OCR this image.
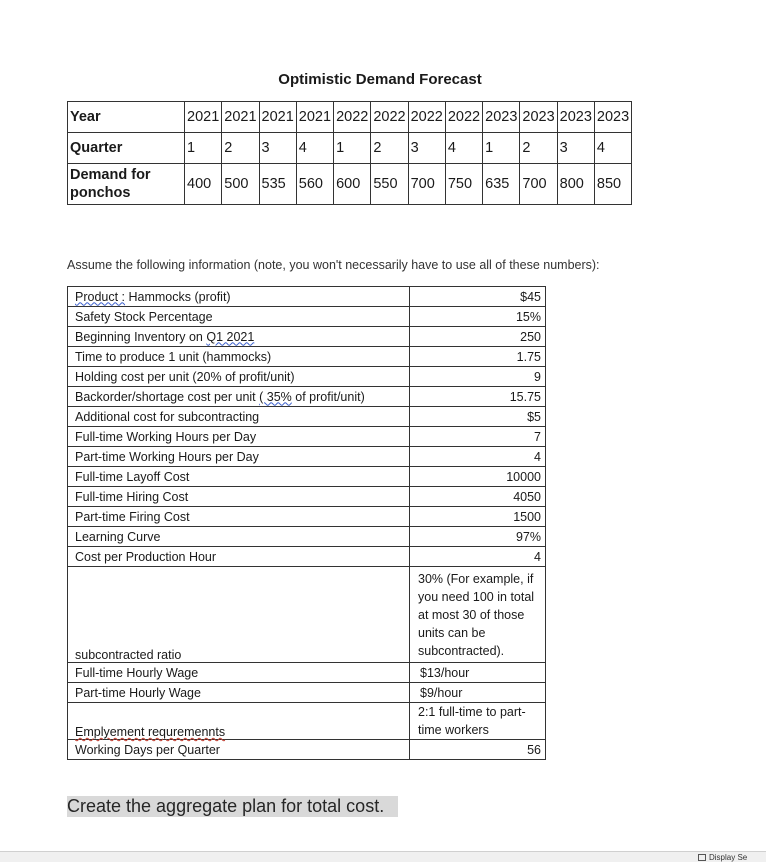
Optimistic Demand Forecast
Year	2021	2021	2021	2021	2022	2022	2022	2022	2023	2023	2023	2023
Quarter	1	2	3	4	1	2	3	4	1	2	3	4
Demand for ponchos	400	500	535	560	600	550	700	750	635	700	800	850
Assume the following information (note, you won't necessarily have to use all of these numbers):
Product : Hammocks (profit)	$45
Safety Stock Percentage	15%
Beginning Inventory on Q1 2021	250
Time to produce 1 unit (hammocks)	1.75
Holding cost per unit (20% of profit/unit)	9
Backorder/shortage cost per unit ( 35% of profit/unit)	15.75
Additional cost for subcontracting	$5
Full-time Working Hours per Day	7
Part-time Working Hours per Day	4
Full-time Layoff Cost	10000
Full-time Hiring Cost	4050
Part-time Firing Cost	1500
Learning Curve	97%
Cost per Production Hour	4
subcontracted ratio	30% (For example, if you need 100 in total at most 30 of those units can be subcontracted).
Full-time Hourly Wage	$13/hour
Part-time Hourly Wage	$9/hour
Emplyement requremennts	2:1 full-time to part-time workers
Working Days per Quarter	56
Create the aggregate plan for total cost.
Display Se
